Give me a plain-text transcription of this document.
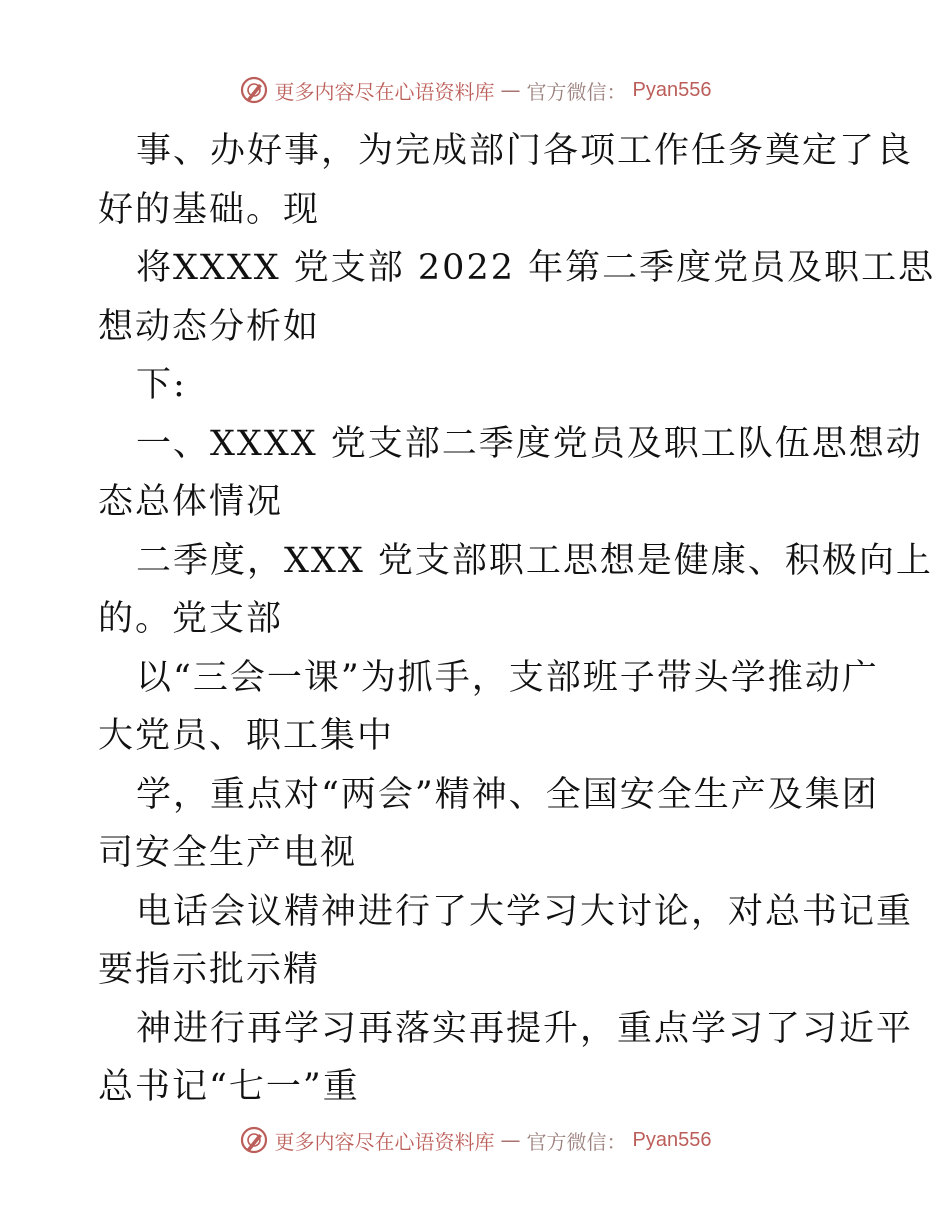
更多内容尽在心语资料库 — 官方微信： Pyan556
事、办好事，为完成部门各项工作任务奠定了良
好的基础。现
将XXXX 党支部 2022 年第二季度党员及职工思
想动态分析如
下:
一、XXXX 党支部二季度党员及职工队伍思想动
态总体情况
二季度，XXX 党支部职工思想是健康、积极向上
的。党支部
以“三会一课”为抓手，支部班子带头学推动广
大党员、职工集中
学，重点对“两会”精神、全国安全生产及集团
司安全生产电视
电话会议精神进行了大学习大讨论，对总书记重
要指示批示精
神进行再学习再落实再提升，重点学习了习近平
总书记“七一”重
更多内容尽在心语资料库 — 官方微信： Pyan556
